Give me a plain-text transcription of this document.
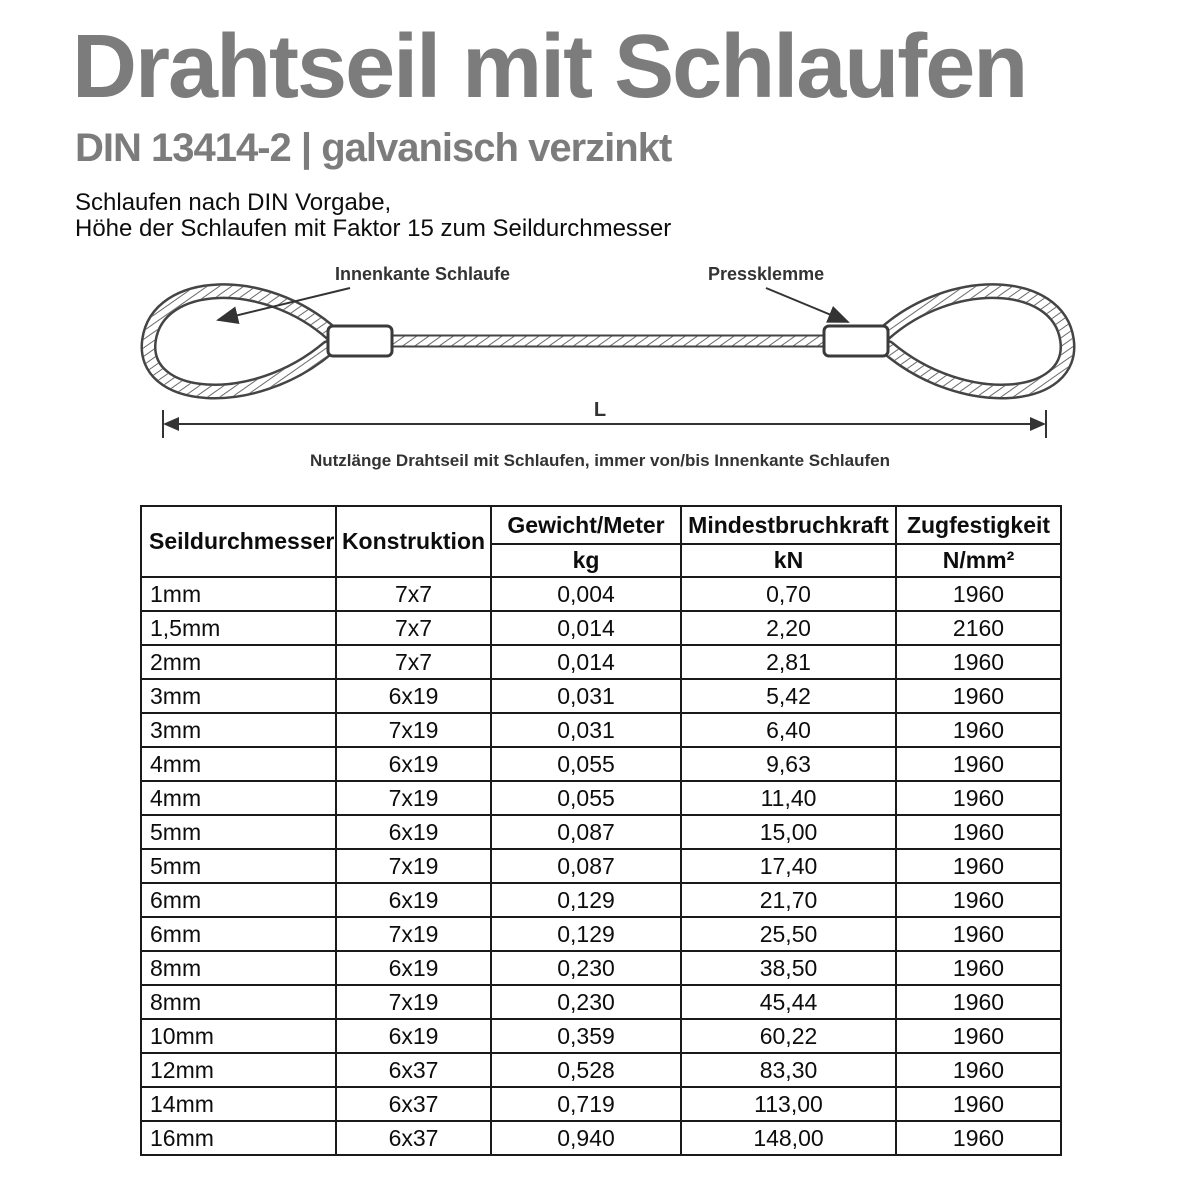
Drahtseil mit Schlaufen
DIN 13414-2 | galvanisch verzinkt

Schlaufen nach DIN Vorgabe,

Höhe der Schlaufen mit Faktor 15 zum Seildurchmesser

Innenkante Schlaufe	Pressklemme
L
Nutzlänge Drahtseil mit Schlaufen, immer von/bis Innenkante Schlaufen
Seildurchmesser	Konstruktion	Gewicht/Meter	Mindestbruchkraft	Zugfestigkeit
		kg	kN	N/mm²
1mm	7x7	0,004	0,70	1960
1,5mm	7x7	0,014	2,20	2160
2mm	7x7	0,014	2,81	1960
3mm	6x19	0,031	5,42	1960
3mm	7x19	0,031	6,40	1960
4mm	6x19	0,055	9,63	1960
4mm	7x19	0,055	11,40	1960
5mm	6x19	0,087	15,00	1960
5mm	7x19	0,087	17,40	1960
6mm	6x19	0,129	21,70	1960
6mm	7x19	0,129	25,50	1960
8mm	6x19	0,230	38,50	1960
8mm	7x19	0,230	45,44	1960
10mm	6x19	0,359	60,22	1960
12mm	6x37	0,528	83,30	1960
14mm	6x37	0,719	113,00	1960
16mm	6x37	0,940	148,00	1960
